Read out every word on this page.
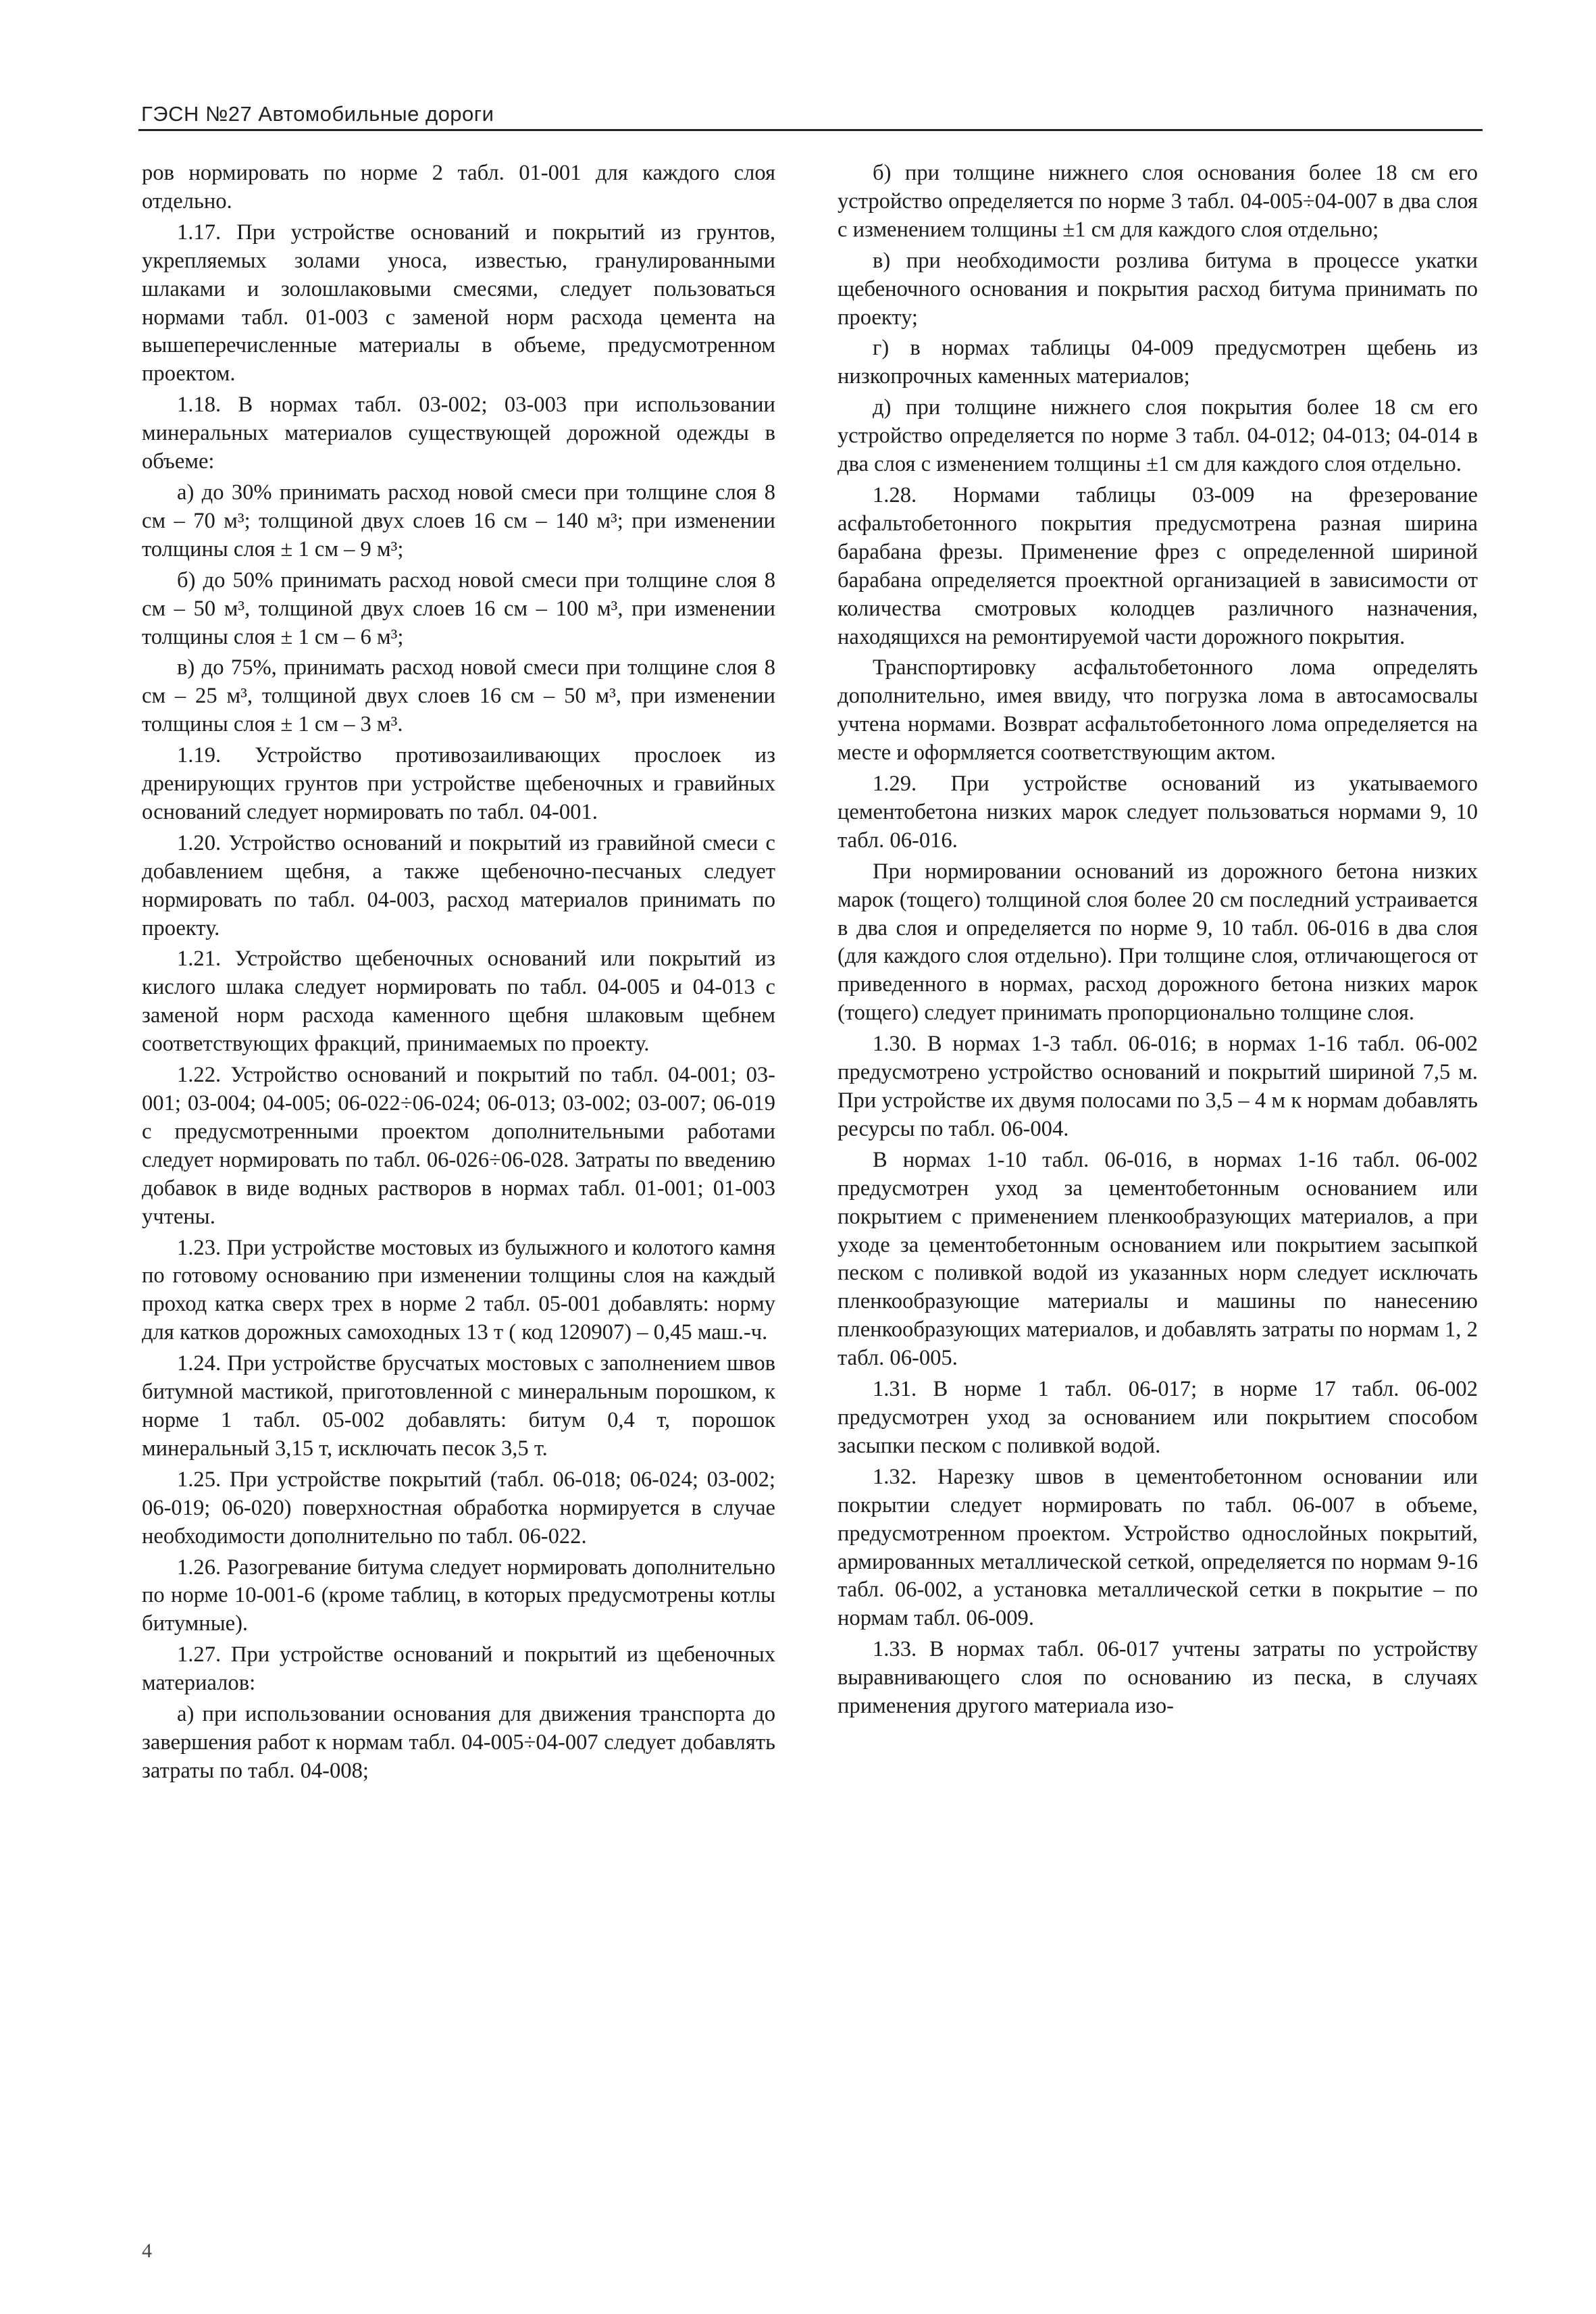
ГЭСН №27 Автомобильные дороги

ров нормировать по норме 2 табл. 01-001 для каждого слоя отдельно.

1.17. При устройстве оснований и покрытий из грунтов, укрепляемых золами уноса, известью, гранулированными шлаками и золошлаковыми смесями, следует пользоваться нормами табл. 01-003 с заменой норм расхода цемента на вышеперечисленные материалы в объеме, предусмотренном проектом.

1.18. В нормах табл. 03-002; 03-003 при использовании минеральных материалов существующей дорожной одежды в объеме:

а) до 30% принимать расход новой смеси при толщине слоя 8 см – 70 м³; толщиной двух слоев 16 см – 140 м³; при изменении толщины слоя ± 1 см – 9 м³;

б) до 50% принимать расход новой смеси при толщине слоя 8 см – 50 м³, толщиной двух слоев 16 см – 100 м³, при изменении толщины слоя ± 1 см – 6 м³;

в) до 75%, принимать расход новой смеси при толщине слоя 8 см – 25 м³, толщиной двух слоев 16 см – 50 м³, при изменении толщины слоя ± 1 см – 3 м³.

1.19. Устройство противозаиливающих прослоек из дренирующих грунтов при устройстве щебеночных и гравийных оснований следует нормировать по табл. 04-001.

1.20. Устройство оснований и покрытий из гравийной смеси с добавлением щебня, а также щебеночно-песчаных следует нормировать по табл. 04-003, расход материалов принимать по проекту.

1.21. Устройство щебеночных оснований или покрытий из кислого шлака следует нормировать по табл. 04-005 и 04-013 с заменой норм расхода каменного щебня шлаковым щебнем соответствующих фракций, принимаемых по проекту.

1.22. Устройство оснований и покрытий по табл. 04-001; 03-001; 03-004; 04-005; 06-022÷06-024; 06-013; 03-002; 03-007; 06-019 с предусмотренными проектом дополнительными работами следует нормировать по табл. 06-026÷06-028. Затраты по введению добавок в виде водных растворов в нормах табл. 01-001; 01-003 учтены.

1.23. При устройстве мостовых из булыжного и колотого камня по готовому основанию при изменении толщины слоя на каждый проход катка сверх трех в норме 2 табл. 05-001 добавлять: норму для катков дорожных самоходных 13 т ( код 120907) – 0,45 маш.-ч.

1.24. При устройстве брусчатых мостовых с заполнением швов битумной мастикой, приготовленной с минеральным порошком, к норме 1 табл. 05-002 добавлять: битум 0,4 т, порошок минеральный 3,15 т, исключать песок 3,5 т.

1.25. При устройстве покрытий (табл. 06-018; 06-024; 03-002; 06-019; 06-020) поверхностная обработка нормируется в случае необходимости дополнительно по табл. 06-022.

1.26. Разогревание битума следует нормировать дополнительно по норме 10-001-6 (кроме таблиц, в которых предусмотрены котлы битумные).

1.27. При устройстве оснований и покрытий из щебеночных материалов:

а) при использовании основания для движения транспорта до завершения работ к нормам табл. 04-005÷04-007 следует добавлять затраты по табл. 04-008;

б) при толщине нижнего слоя основания более 18 см его устройство определяется по норме 3 табл. 04-005÷04-007 в два слоя с изменением толщины ±1 см для каждого слоя отдельно;

в) при необходимости розлива битума в процессе укатки щебеночного основания и покрытия расход битума принимать по проекту;

г) в нормах таблицы 04-009 предусмотрен щебень из низкопрочных каменных материалов;

д) при толщине нижнего слоя покрытия более 18 см его устройство определяется по норме 3 табл. 04-012; 04-013; 04-014 в два слоя с изменением толщины ±1 см для каждого слоя отдельно.

1.28. Нормами таблицы 03-009 на фрезерование асфальтобетонного покрытия предусмотрена разная ширина барабана фрезы. Применение фрез с определенной шириной барабана определяется проектной организацией в зависимости от количества смотровых колодцев различного назначения, находящихся на ремонтируемой части дорожного покрытия.

Транспортировку асфальтобетонного лома определять дополнительно, имея ввиду, что погрузка лома в автосамосвалы учтена нормами. Возврат асфальтобетонного лома определяется на месте и оформляется соответствующим актом.

1.29. При устройстве оснований из укатываемого цементобетона низких марок следует пользоваться нормами 9, 10 табл. 06-016.

При нормировании оснований из дорожного бетона низких марок (тощего) толщиной слоя более 20 см последний устраивается в два слоя и определяется по норме 9, 10 табл. 06-016 в два слоя (для каждого слоя отдельно). При толщине слоя, отличающегося от приведенного в нормах, расход дорожного бетона низких марок (тощего) следует принимать пропорционально толщине слоя.

1.30. В нормах 1-3 табл. 06-016; в нормах 1-16 табл. 06-002 предусмотрено устройство оснований и покрытий шириной 7,5 м. При устройстве их двумя полосами по 3,5 – 4 м к нормам добавлять ресурсы по табл. 06-004.

В нормах 1-10 табл. 06-016, в нормах 1-16 табл. 06-002 предусмотрен уход за цементобетонным основанием или покрытием с применением пленкообразующих материалов, а при уходе за цементобетонным основанием или покрытием засыпкой песком с поливкой водой из указанных норм следует исключать пленкообразующие материалы и машины по нанесению пленкообразующих материалов, и добавлять затраты по нормам 1, 2 табл. 06-005.

1.31. В норме 1 табл. 06-017; в норме 17 табл. 06-002 предусмотрен уход за основанием или покрытием способом засыпки песком с поливкой водой.

1.32. Нарезку швов в цементобетонном основании или покрытии следует нормировать по табл. 06-007 в объеме, предусмотренном проектом. Устройство однослойных покрытий, армированных металлической сеткой, определяется по нормам 9-16 табл. 06-002, а установка металлической сетки в покрытие – по нормам табл. 06-009.

1.33. В нормах табл. 06-017 учтены затраты по устройству выравнивающего слоя по основанию из песка, в случаях применения другого материала изо-

4
